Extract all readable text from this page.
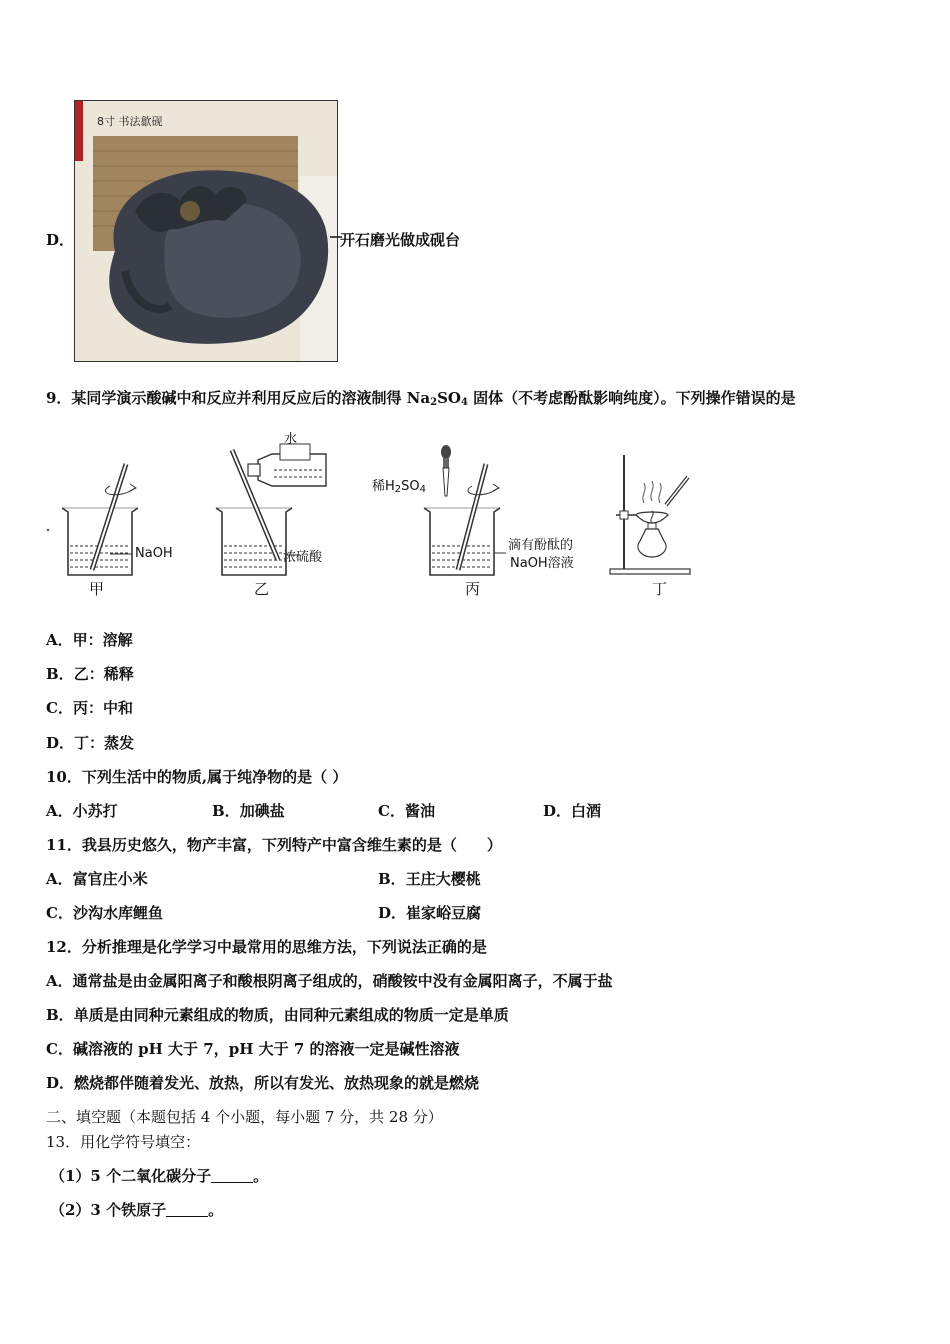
D．
8寸 书法歙砚
开石磨光做成砚台
9．某同学演示酸碱中和反应并利用反应后的溶液制得 $Na_2SO_4$ 固体（不考虑酚酞影响纯度）。下列操作错误的是
NaOH
甲
水
浓硫酸
乙
稀$H_2SO_4$
滴有酚酞的
NaOH溶液
丙	丁
A．甲：溶解
B．乙：稀释
C．丙：中和
D．丁：蒸发
10．下列生活中的物质,属于纯净物的是（ ）
A．小苏打	B．加碘盐	C．酱油	D．白酒
11．我县历史悠久，物产丰富，下列特产中富含维生素的是（　　）
A．富官庄小米	B．王庄大樱桃
C．沙沟水库鲤鱼	D．崔家峪豆腐
12．分析推理是化学学习中最常用的思维方法，下列说法正确的是
A．通常盐是由金属阳离子和酸根阴离子组成的，硝酸铵中没有金属阳离子，不属于盐
B．单质是由同种元素组成的物质，由同种元素组成的物质一定是单质
C．碱溶液的 pH 大于 7，pH 大于 7 的溶液一定是碱性溶液
D．燃烧都伴随着发光、放热，所以有发光、放热现象的就是燃烧
二、填空题（本题包括 4 个小题，每小题 7 分，共 28 分）
13．用化学符号填空：
（1）5 个二氧化碳分子	。
（2）3 个铁原子	。
